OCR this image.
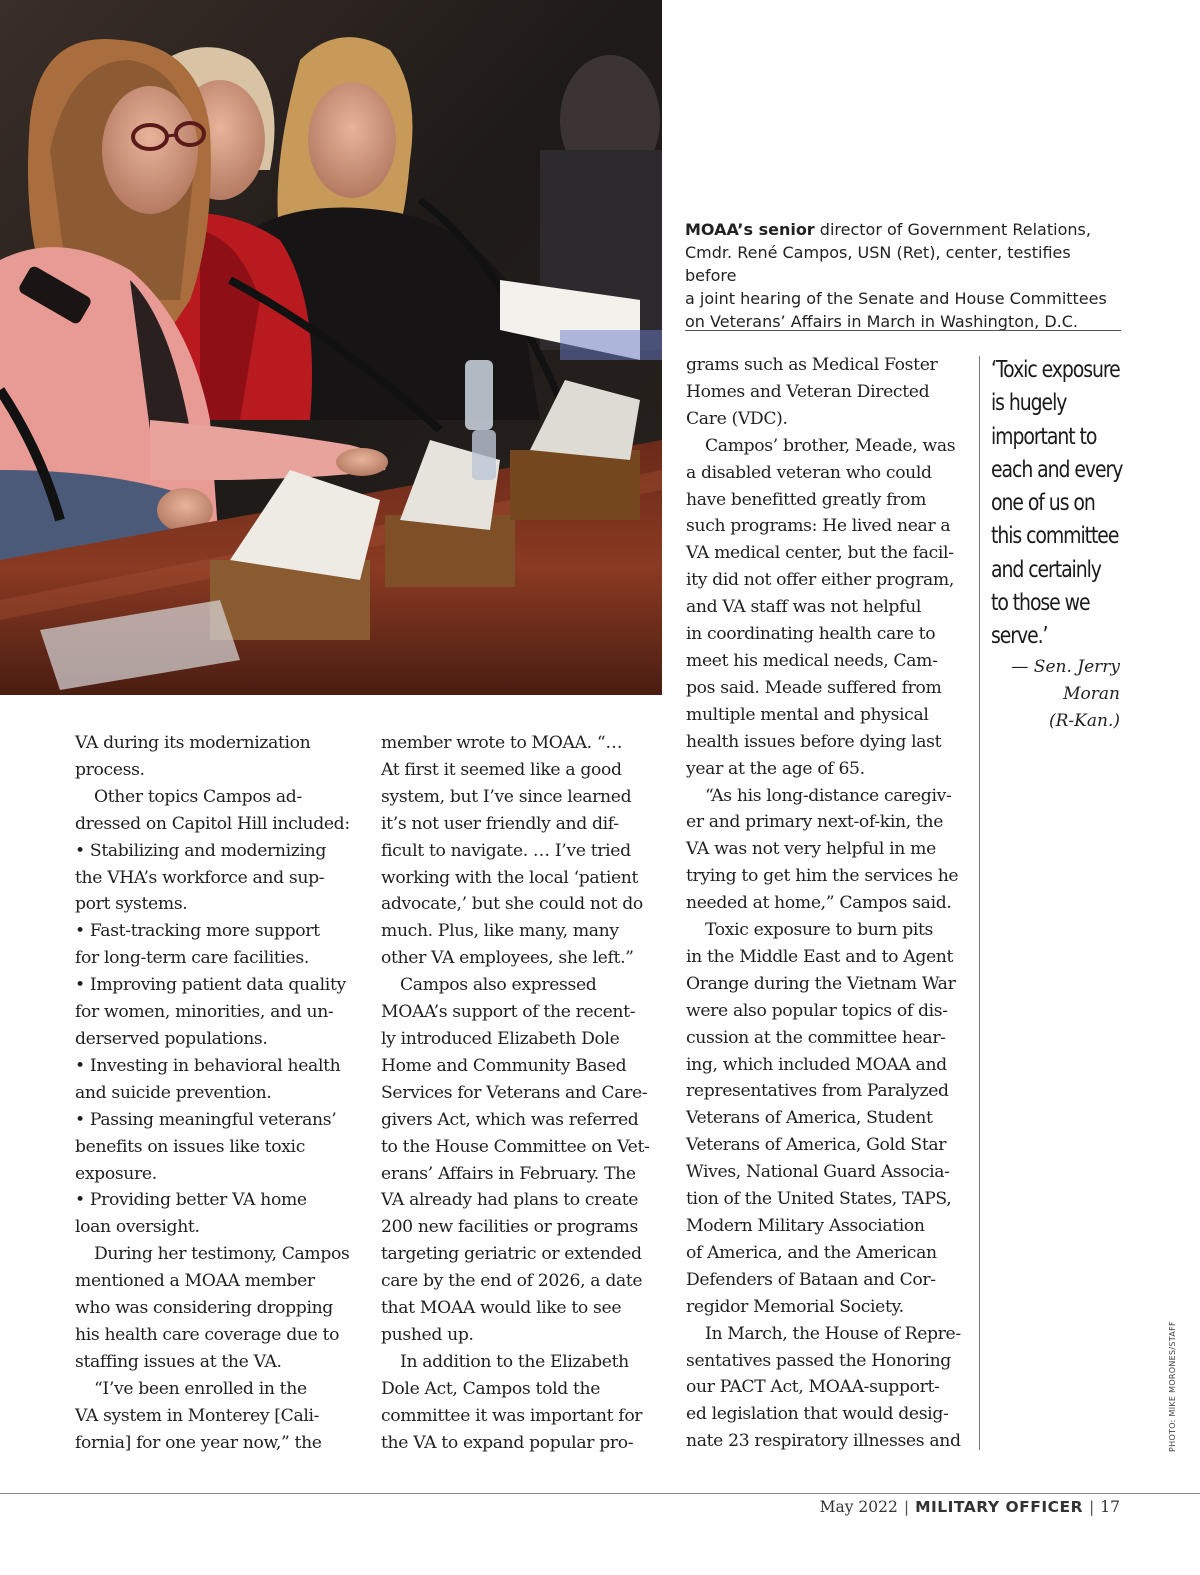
MOAA’s senior director of Government Relations,
Cmdr. René Campos, USN (Ret), center, testifies before
a joint hearing of the Senate and House Committees
on Veterans’ Affairs in March in Washington, D.C.

VA during its modernization

process.

Other topics Campos ad-

dressed on Capitol Hill included:

• Stabilizing and modernizing

the VHA’s workforce and sup-

port systems.

• Fast-tracking more support

for long-term care facilities.

• Improving patient data quality

for women, minorities, and un-

derserved populations.

• Investing in behavioral health

and suicide prevention.

• Passing meaningful veterans’

benefits on issues like toxic

exposure.

• Providing better VA home

loan oversight.

During her testimony, Campos

mentioned a MOAA member

who was considering dropping

his health care coverage due to

staffing issues at the VA.

“I’ve been enrolled in the

VA system in Monterey [Cali-

fornia] for one year now,” the

member wrote to MOAA. “…

At first it seemed like a good

system, but I’ve since learned

it’s not user friendly and dif-

ficult to navigate. … I’ve tried

working with the local ‘patient

advocate,’ but she could not do

much. Plus, like many, many

other VA employees, she left.”

Campos also expressed

MOAA’s support of the recent-

ly introduced Elizabeth Dole

Home and Community Based

Services for Veterans and Care-

givers Act, which was referred

to the House Committee on Vet-

erans’ Affairs in February. The

VA already had plans to create

200 new facilities or programs

targeting geriatric or extended

care by the end of 2026, a date

that MOAA would like to see

pushed up.

In addition to the Elizabeth

Dole Act, Campos told the

committee it was important for

the VA to expand popular pro-

grams such as Medical Foster

Homes and Veteran Directed

Care (VDC).

Campos’ brother, Meade, was

a disabled veteran who could

have benefitted greatly from

such programs: He lived near a

VA medical center, but the facil-

ity did not offer either program,

and VA staff was not helpful

in coordinating health care to

meet his medical needs, Cam-

pos said. Meade suffered from

multiple mental and physical

health issues before dying last

year at the age of 65.

“As his long-distance caregiv-

er and primary next-of-kin, the

VA was not very helpful in me

trying to get him the services he

needed at home,” Campos said.

Toxic exposure to burn pits

in the Middle East and to Agent

Orange during the Vietnam War

were also popular topics of dis-

cussion at the committee hear-

ing, which included MOAA and

representatives from Paralyzed

Veterans of America, Student

Veterans of America, Gold Star

Wives, National Guard Associa-

tion of the United States, TAPS,

Modern Military Association

of America, and the American

Defenders of Bataan and Cor-

regidor Memorial Society.

In March, the House of Repre-

sentatives passed the Honoring

our PACT Act, MOAA-support-

ed legislation that would desig-

nate 23 respiratory illnesses and

‘Toxic exposure

is hugely

important to

each and every

one of us on

this committee

and certainly

to those we

serve.’

— Sen. Jerry

Moran

(R-Kan.)

PHOTO: MIKE MORONES/STAFF
May 2022 | MILITARY OFFICER | 17
